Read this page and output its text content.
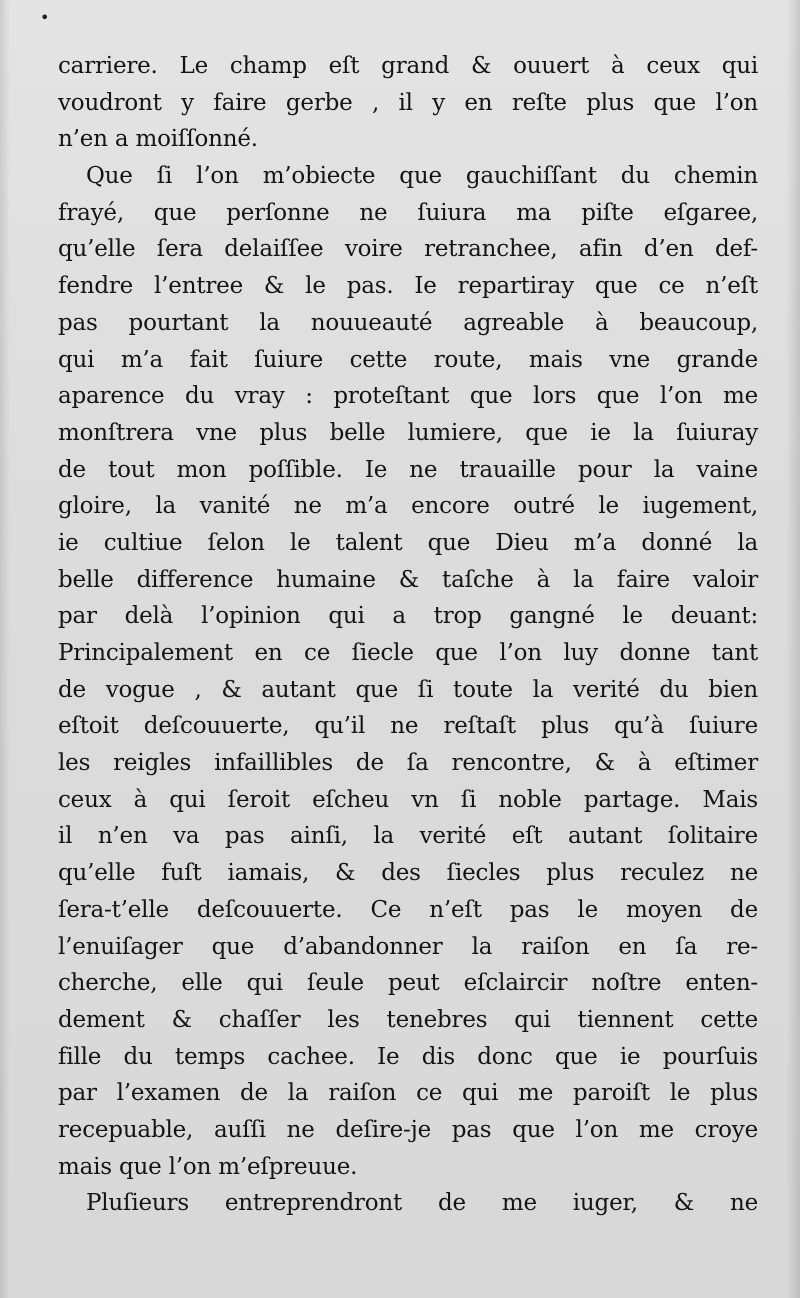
•
carriere. Le champ eſt grand & ouuert à ceux qui
voudront y faire gerbe , il y en reſte plus que l’on
n’en a moiſſonné.
Que ſi l’on m’obiecte que gauchiſſant du chemin
frayé, que perſonne ne ſuiura ma piſte eſgaree,
qu’elle ſera delaiſſee voire retranchee, afin d’en def-
fendre l’entree & le pas. Ie repartiray que ce n’eſt
pas pourtant la nouueauté agreable à beaucoup,
qui m’a fait ſuiure cette route, mais vne grande
aparence du vray : proteſtant que lors que l’on me
monſtrera vne plus belle lumiere, que ie la ſuiuray
de tout mon poſſible. Ie ne trauaille pour la vaine
gloire, la vanité ne m’a encore outré le iugement,
ie cultiue ſelon le talent que Dieu m’a donné la
belle difference humaine & taſche à la faire valoir
par delà l’opinion qui a trop gangné le deuant:
Principalement en ce ſiecle que l’on luy donne tant
de vogue , & autant que ſi toute la verité du bien
eſtoit deſcouuerte, qu’il ne reſtaſt plus qu’à ſuiure
les reigles infaillibles de ſa rencontre, & à eſtimer
ceux à qui ſeroit eſcheu vn ſi noble partage. Mais
il n’en va pas ainſi, la verité eſt autant ſolitaire
qu’elle fuſt iamais, & des ſiecles plus reculez ne
ſera-t’elle deſcouuerte. Ce n’eſt pas le moyen de
l’enuiſager que d’abandonner la raiſon en ſa re-
cherche, elle qui ſeule peut eſclaircir noſtre enten-
dement & chaſſer les tenebres qui tiennent cette
fille du temps cachee. Ie dis donc que ie pourſuis
par l’examen de la raiſon ce qui me paroiſt le plus
recepuable, auſſi ne deſire-je pas que l’on me croye
mais que l’on m’eſpreuue.
Pluſieurs entreprendront de me iuger, & ne
